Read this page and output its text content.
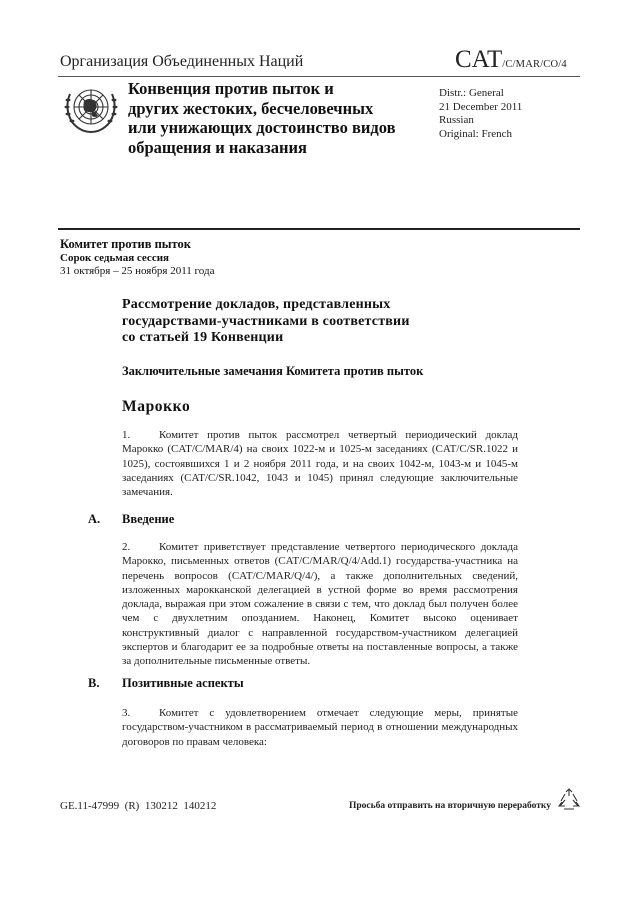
Организация Объединенных Наций	CAT/C/MAR/CO/4
Конвенция против пыток и
других жестоких, бесчеловечных
или унижающих достоинство видов
обращения и наказания
Distr.: General
21 December 2011
Russian
Original: French
Комитет против пыток
Сорок седьмая сессия
31 октября – 25 ноября 2011 года
Рассмотрение докладов, представленных
государствами-участниками в соответствии
со статьей 19 Конвенции
Заключительные замечания Комитета против пыток
Марокко
1.	Комитет против пыток рассмотрел четвертый периодический доклад Марокко (CAT/C/MAR/4) на своих 1022-м и 1025-м заседаниях (CAT/C/SR.1022 и 1025), состоявшихся 1 и 2 ноября 2011 года, и на своих 1042-м, 1043-м и 1045-м заседаниях (CAT/C/SR.1042, 1043 и 1045) принял следующие заключительные замечания.
A. Введение
2.	Комитет приветствует представление четвертого периодического доклада Марокко, письменных ответов (CAT/C/MAR/Q/4/Add.1) государства-участника на перечень вопросов (CAT/C/MAR/Q/4/), а также дополнительных сведений, изложенных марокканской делегацией в устной форме во время рассмотрения доклада, выражая при этом сожаление в связи с тем, что доклад был получен более чем с двухлетним опозданием. Наконец, Комитет высоко оценивает конструктивный диалог с направленной государством-участником делегацией экспертов и благодарит ее за подробные ответы на поставленные вопросы, а также за дополнительные письменные ответы.
B. Позитивные аспекты
3.	Комитет с удовлетворением отмечает следующие меры, принятые государством-участником в рассматриваемый период в отношении международных договоров по правам человека:
GE.11-47999  (R)  130212  140212	Просьба отправить на вторичную переработку
